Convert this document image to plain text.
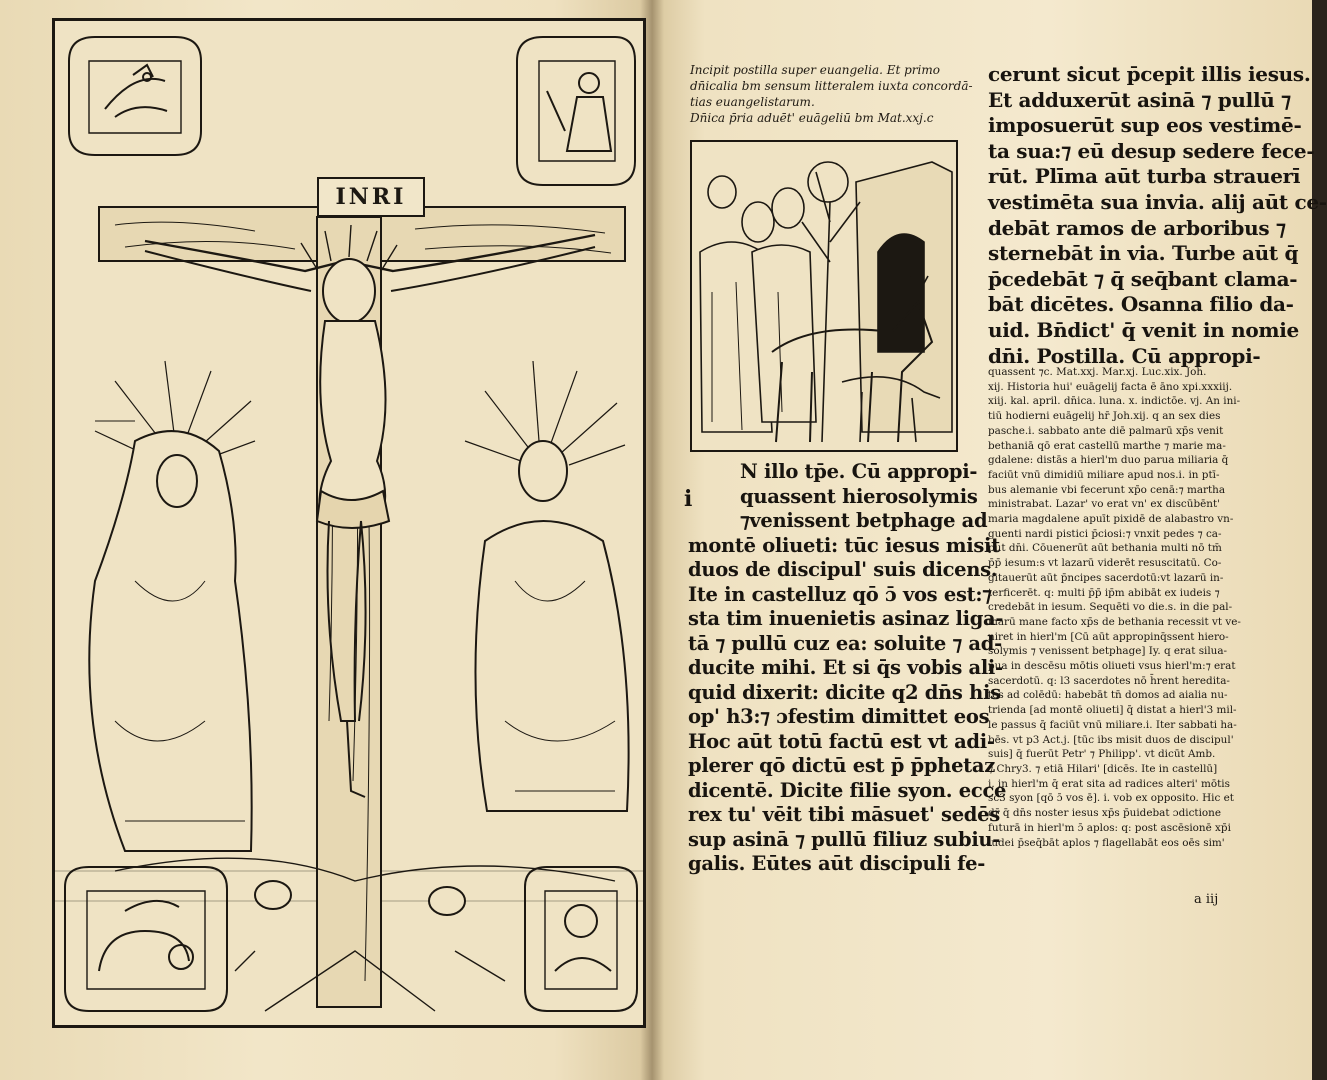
INRI

Incipit postilla super euangelia. Et primo

dn̄icalia bm sensum litteralem iuxta concordā-

tias euangelistarum.

Dn̄ica p̄ria aduēt' euāgeliū bm Mat.xxj.c

cerunt sicut p̄cepit illis iesus.
Et adduxerūt asinā ⁊ pullū ⁊
imposuerūt sup eos vestimē-
ta sua:⁊ eū desup sedere fece-
rūt. Plīma aūt turba strauerī
vestimēta sua invia. alij aūt ce-
debāt ramos de arboribus ⁊
sternebāt in via. Turbe aūt q̄
p̄cedebāt ⁊ q̄ seq̄bant clama-
bāt dicētes. Osanna filio da-
uid. Bn̄dict' q̄ venit in nomie
dn̄i. Postilla. Cū appropi-
quassent ⁊c. Mat.xxj. Mar.xj. Luc.xix. Joh.
xij. Historia hui' euāgelij facta ē āno xpi.xxxiij.
xiij. kal. april. dn̄ica. luna. x. indictōe. vj. An ini-
tiū hodierni euāgelij hr̄ Joh.xij. q an sex dies
pasche.i. sabbato ante diē palmarū xp̄s venit
bethaniā qō erat castellū marthe ⁊ marie ma-
gdalene: distās a hierl'm duo parua miliaria q̄
faciūt vnū dimidiū miliare apud nos.i. in ptī-
bus alemanie vbi fecerunt xp̄o cenā:⁊ martha
ministrabat. Lazar' vo erat vn' ex discūbēnt'
maria magdalene apuīt pixidē de alabastro vn-
guenti nardi pistici p̄ciosi:⁊ vnxit pedes ⁊ ca-
put dn̄i. Cōuenerūt aūt bethania multi nō tm̄
p̄p̄ iesum:s vt lazarū viderēt resuscitatū. Co-
gitauerūt aūt p̄ncipes sacerdotū:vt lazarū in-
terficerēt. q: multi p̄p̄ ip̄m abibāt ex iudeis ⁊
credebāt in iesum. Sequēti vo die.s. in die pal-
marū mane facto xp̄s de bethania recessit vt ve-
niret in hierl'm [Cū aūt appropinq̄ssent hiero-
solymis ⁊ venissent betphage] Iy. q erat silua-
pua in descēsu mōtis oliueti vsus hierl'm:⁊ erat
sacerdotū. q: l3 sacerdotes nō h̄rent heredita-
tes ad colēdū: habebāt tn̄ domos ad aialia nu-
trienda [ad montē oliueti] q̄ distat a hierl'3 mil-
le passus q̄ faciūt vnū miliare.i. Iter sabbati ha-
bēs. vt p3 Act.j. [tūc ibs misit duos de discipul'
suis] q̄ fuerūt Petr' ⁊ Philipp'. vt dicūt Amb.
⁊ Chry3. ⁊ etiā Hilari' [dicēs. Ite in castellū]
i. in hierl'm q̄ erat sita ad radices alteri' mōtis
sc3 syon [qō ɔ̄ vos ē]. i. vob ex opposito. Hic et
dr̄ q̄ dn̄s noster iesus xp̄s p̄uidebat ɔdictione
futurā in hierl'm ɔ̄ aplos: q: post ascēsionē xp̄i
iudei p̄seq̄bāt aplos ⁊ flagellabāt eos oēs sim'
i
N illo tp̄e. Cū appropi-
quassent hierosolymis
⁊venissent betphage ad
montē oliueti: tūc iesus misit
duos de discipul' suis dicens.
Ite in castelluz qō ɔ̄ vos est:⁊
sta tim inuenietis asinaz liga-
tā ⁊ pullū cuz ea: soluite ⁊ ad-
ducite mihi. Et si q̄s vobis ali-
quid dixerit: dicite q2 dn̄s his
op' h3:⁊ ɔfestim dimittet eos
Hoc aūt totū factū est vt adi-
plerer qō dictū est p̄ p̄phetaz
dicentē. Dicite filie syon. ecce
rex tu' vēit tibi māsuet' sedēs
sup asinā ⁊ pullū filiuz subiu-
galis. Eūtes aūt discipuli fe-
a iij
